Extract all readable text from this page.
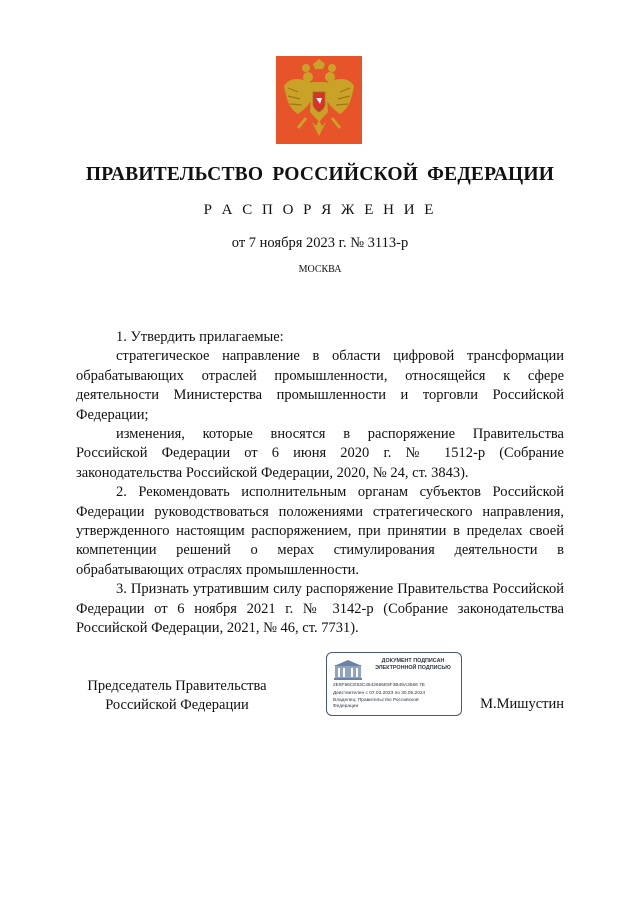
ПРАВИТЕЛЬСТВО РОССИЙСКОЙ ФЕДЕРАЦИИ
Р А С П О Р Я Ж Е Н И Е
от 7 ноября 2023 г. № 3113-р
МОСКВА

1. Утвердить прилагаемые:

стратегическое направление в области цифровой трансформации обрабатывающих отраслей промышленности, относящейся к сфере деятельности Министерства промышленности и торговли Российской Федерации;

изменения, которые вносятся в распоряжение Правительства Российской Федерации от 6 июня 2020 г. № 1512-р (Собрание законодательства Российской Федерации, 2020, № 24, ст. 3843).

2. Рекомендовать исполнительным органам субъектов Российской Федерации руководствоваться положениями стратегического направления, утвержденного настоящим распоряжением, при принятии в пределах своей компетенции решений о мерах стимулирования деятельности в обрабатывающих отраслях промышленности.

3. Признать утратившим силу распоряжение Правительства Российской Федерации от 6 ноября 2021 г. № 3142-р (Собрание законодательства Российской Федерации, 2021, № 46, ст. 7731).

Председатель Правительства
Российской Федерации
ДОКУМЕНТ ПОДПИСАН
ЭЛЕКТРОННОЙ ПОДПИСЬЮ
2E6F96CE53C4642666E5F3B49A3566 7E
Действителен с 07.03.2023 по 30.05.2024
Владелец: Правительство Российской
Федерации	М.Мишустин
